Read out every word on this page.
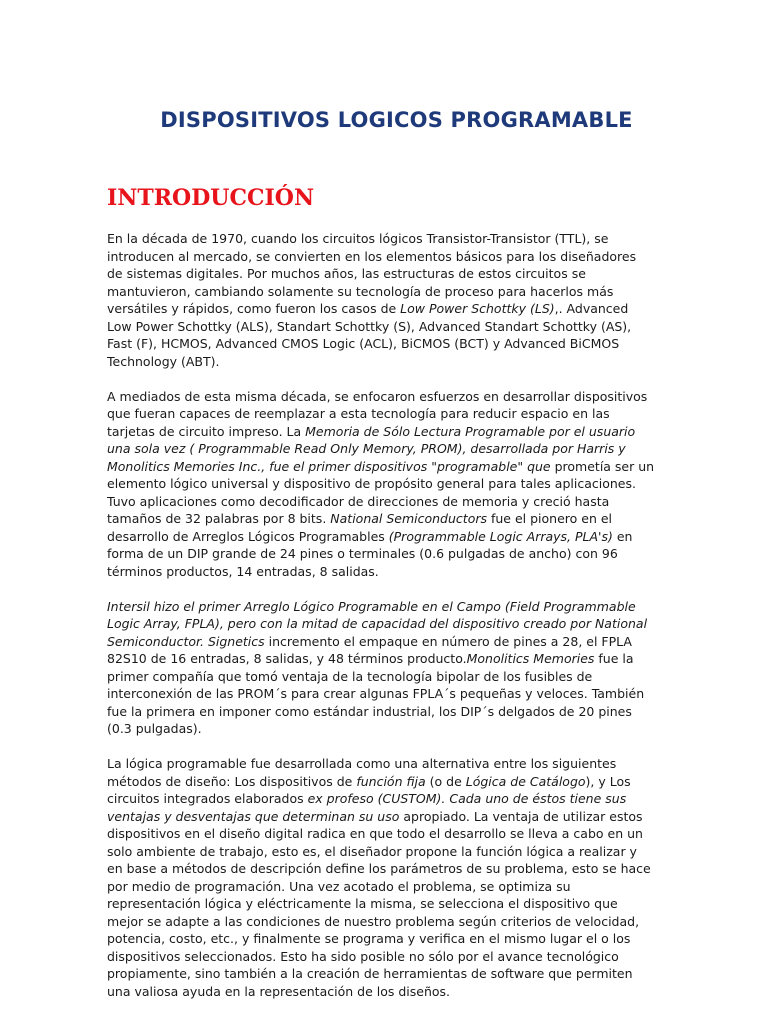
DISPOSITIVOS LOGICOS PROGRAMABLE
INTRODUCCIÓN

En la década de 1970, cuando los circuitos lógicos Transistor-Transistor (TTL), se introducen al mercado, se convierten en los elementos básicos para los diseñadores de sistemas digitales. Por muchos años, las estructuras de estos circuitos se mantuvieron, cambiando solamente su tecnología de proceso para hacerlos más versátiles y rápidos, como fueron los casos de Low Power Schottky (LS),. Advanced Low Power Schottky (ALS), Standart Schottky (S), Advanced Standart Schottky (AS), Fast (F), HCMOS, Advanced CMOS Logic (ACL), BiCMOS (BCT) y Advanced BiCMOS Technology (ABT).

A mediados de esta misma década, se enfocaron esfuerzos en desarrollar dispositivos que fueran capaces de reemplazar a esta tecnología para reducir espacio en las tarjetas de circuito impreso. La Memoria de Sólo Lectura Programable por el usuario una sola vez ( Programmable Read Only Memory, PROM), desarrollada por Harris y Monolitics Memories Inc., fue el primer dispositivos "programable" que prometía ser un elemento lógico universal y dispositivo de propósito general para tales aplicaciones. Tuvo aplicaciones como decodificador de direcciones de memoria y creció hasta tamaños de 32 palabras por 8 bits. National Semiconductors fue el pionero en el desarrollo de Arreglos Lógicos Programables (Programmable Logic Arrays, PLA's) en forma de un DIP grande de 24 pines o terminales (0.6 pulgadas de ancho) con 96 términos productos, 14 entradas, 8 salidas.

Intersil hizo el primer Arreglo Lógico Programable en el Campo (Field Programmable Logic Array, FPLA), pero con la mitad de capacidad del dispositivo creado por National Semiconductor. Signetics incremento el empaque en número de pines a 28, el FPLA 82S10 de 16 entradas, 8 salidas, y 48 términos producto.Monolitics Memories fue la primer compañía que tomó ventaja de la tecnología bipolar de los fusibles de interconexión de las PROM´s para crear algunas FPLA´s pequeñas y veloces. También fue la primera en imponer como estándar industrial, los DIP´s delgados de 20 pines (0.3 pulgadas).

La lógica programable fue desarrollada como una alternativa entre los siguientes métodos de diseño: Los dispositivos de función fija (o de Lógica de Catálogo), y Los circuitos integrados elaborados ex profeso (CUSTOM). Cada uno de éstos tiene sus ventajas y desventajas que determinan su uso apropiado. La ventaja de utilizar estos dispositivos en el diseño digital radica en que todo el desarrollo se lleva a cabo en un solo ambiente de trabajo, esto es, el diseñador propone la función lógica a realizar y en base a métodos de descripción define los parámetros de su problema, esto se hace por medio de programación. Una vez acotado el problema, se optimiza su representación lógica y eléctricamente la misma, se selecciona el dispositivo que mejor se adapte a las condiciones de nuestro problema según criterios de velocidad, potencia, costo, etc., y finalmente se programa y verifica en el mismo lugar el o los dispositivos seleccionados. Esto ha sido posible no sólo por el avance tecnológico propiamente, sino también a la creación de herramientas de software que permiten una valiosa ayuda en la representación de los diseños.
